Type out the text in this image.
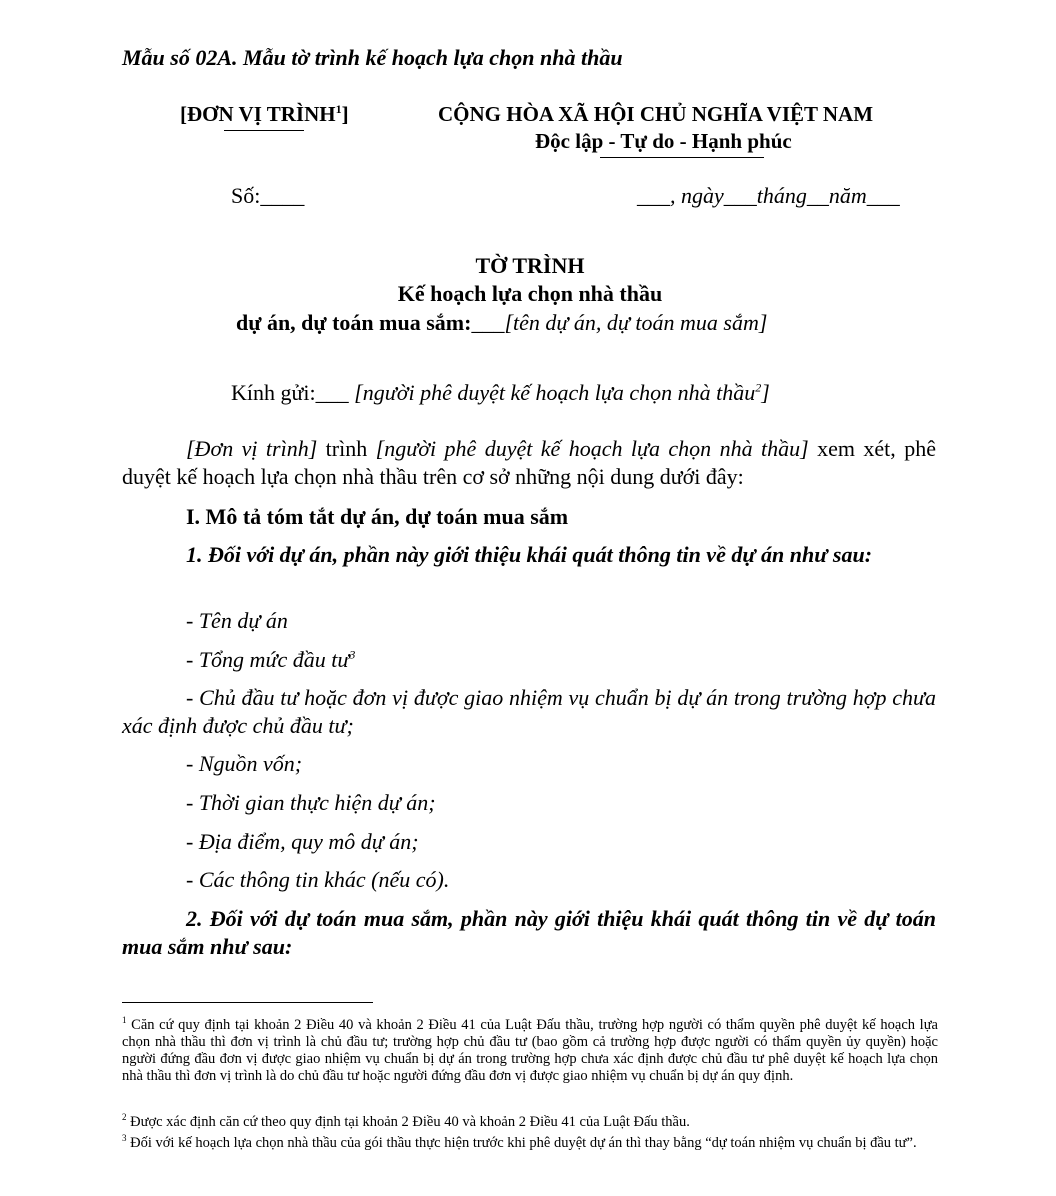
Mẫu số 02A. Mẫu tờ trình kế hoạch lựa chọn nhà thầu
[ĐƠN VỊ TRÌNH$^1$]	CỘNG HÒA XÃ HỘI CHỦ NGHĨA VIỆT NAM
Độc lập - Tự do - Hạnh phúc
Số:____	___, ngày___tháng__năm___
TỜ TRÌNH
Kế hoạch lựa chọn nhà thầu
dự án, dự toán mua sắm:___[tên dự án, dự toán mua sắm]
Kính gửi:___ [người phê duyệt kế hoạch lựa chọn nhà thầu$^2$]
[Đơn vị trình] trình [người phê duyệt kế hoạch lựa chọn nhà thầu] xem xét, phê duyệt kế hoạch lựa chọn nhà thầu trên cơ sở những nội dung dưới đây:
I. Mô tả tóm tắt dự án, dự toán mua sắm
1. Đối với dự án, phần này giới thiệu khái quát thông tin về dự án như sau:
- Tên dự án
- Tổng mức đầu $tư^3$
- Chủ đầu tư hoặc đơn vị được giao nhiệm vụ chuẩn bị dự án trong trường hợp chưa xác định được chủ đầu tư;
- Nguồn vốn;
- Thời gian thực hiện dự án;
- Địa điểm, quy mô dự án;
- Các thông tin khác (nếu có).
2. Đối với dự toán mua sắm, phần này giới thiệu khái quát thông tin về dự toán mua sắm như sau:
$^1$ Căn cứ quy định tại khoản 2 Điều 40 và khoản 2 Điều 41 của Luật Đấu thầu, trường hợp người có thẩm quyền phê duyệt kế hoạch lựa chọn nhà thầu thì đơn vị trình là chủ đầu tư; trường hợp chủ đầu tư (bao gồm cả trường hợp được người có thẩm quyền ủy quyền) hoặc người đứng đầu đơn vị được giao nhiệm vụ chuẩn bị dự án trong trường hợp chưa xác định được chủ đầu tư phê duyệt kế hoạch lựa chọn nhà thầu thì đơn vị trình là do chủ đầu tư hoặc người đứng đầu đơn vị được giao nhiệm vụ chuẩn bị dự án quy định.
$^2$ Được xác định căn cứ theo quy định tại khoản 2 Điều 40 và khoản 2 Điều 41 của Luật Đấu thầu.
$^3$ Đối với kế hoạch lựa chọn nhà thầu của gói thầu thực hiện trước khi phê duyệt dự án thì thay bằng “dự toán nhiệm vụ chuẩn bị đầu tư”.
